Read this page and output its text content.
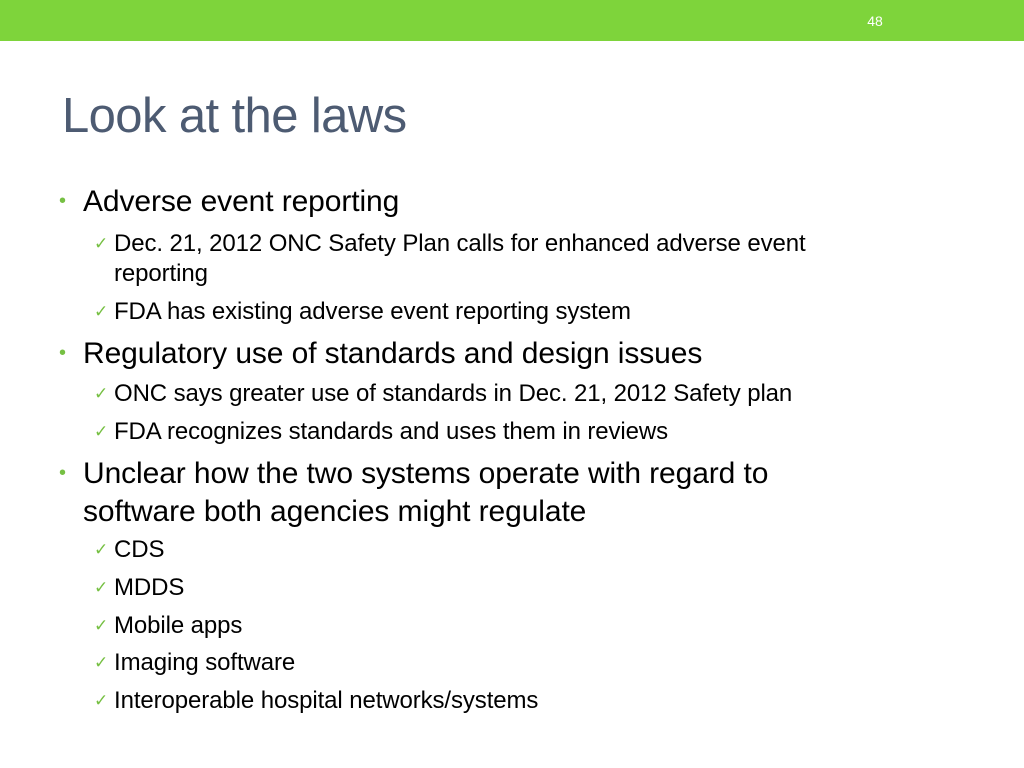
48
Look at the laws
• Adverse event reporting
✓ Dec. 21, 2012 ONC Safety Plan calls for enhanced adverse event
reporting
✓ FDA has existing adverse event reporting system
• Regulatory use of standards and design issues
✓ ONC says greater use of standards in Dec. 21, 2012 Safety plan
✓ FDA recognizes standards and uses them in reviews
• Unclear how the two systems operate with regard to
software both agencies might regulate
✓ CDS
✓ MDDS
✓ Mobile apps
✓ Imaging software
✓ Interoperable hospital networks/systems
